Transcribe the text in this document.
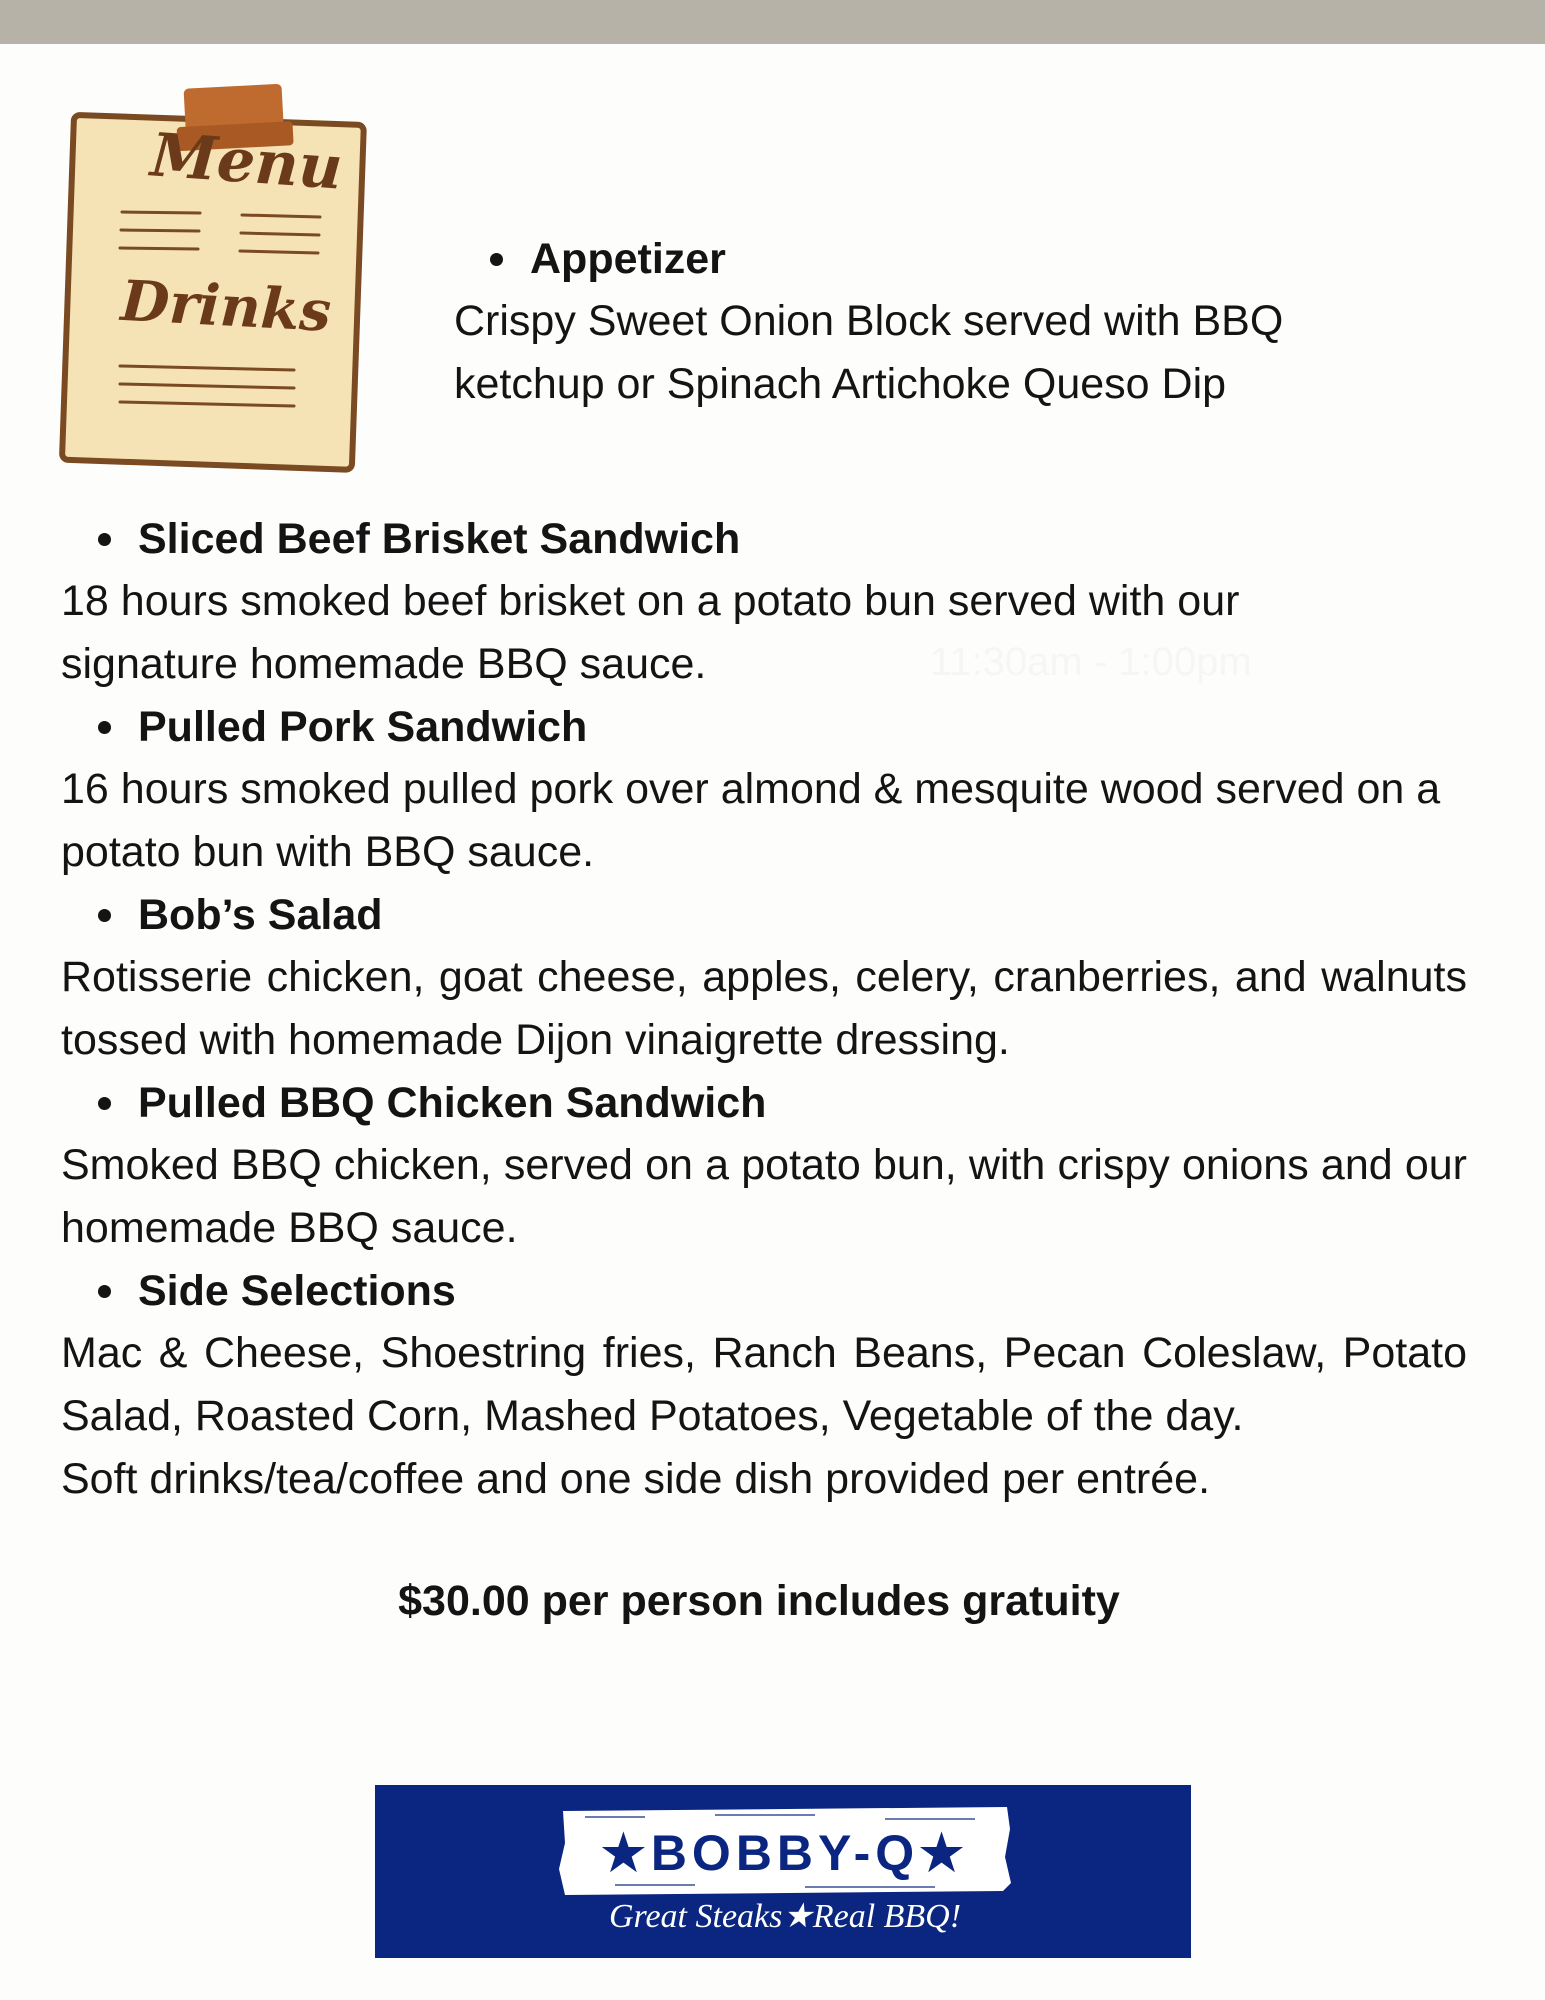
Menu
Drinks
Appetizer
Crispy Sweet Onion Block served with BBQ
ketchup or Spinach Artichoke Queso Dip
11:30am - 1:00pm
Sliced Beef Brisket Sandwich
18 hours smoked beef brisket on a potato bun served with our signature homemade BBQ sauce.
Pulled Pork Sandwich
16 hours smoked pulled pork over almond & mesquite wood served on a potato bun with BBQ sauce.
Bob’s Salad
Rotisserie chicken, goat cheese, apples, celery, cranberries, and walnuts tossed with homemade Dijon vinaigrette dressing.
Pulled BBQ Chicken Sandwich
Smoked BBQ chicken, served on a potato bun, with crispy onions and our homemade BBQ sauce.
Side Selections
Mac & Cheese, Shoestring fries, Ranch Beans, Pecan Coleslaw, Potato Salad, Roasted Corn, Mashed Potatoes, Vegetable of the day.
Soft drinks/tea/coffee and one side dish provided per entrée.
$30.00 per person includes gratuity
★BOBBY-Q★
Great Steaks★Real BBQ!
